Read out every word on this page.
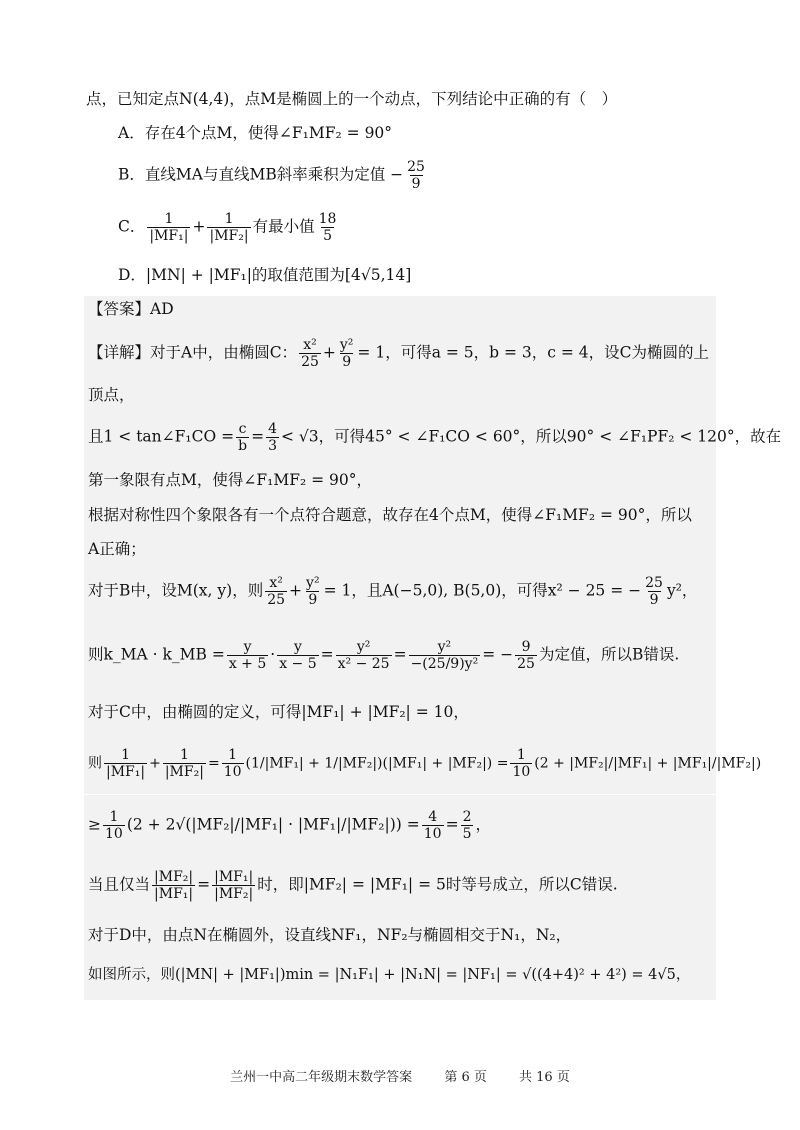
点，已知定点N(4,4)，点M是椭圆上的一个动点，下列结论中正确的有（　）
A．存在4个点M，使得∠F₁MF₂ = 90°
B．直线MA与直线MB斜率乘积为定值 − $\frac{25}{9}$
C． $\frac{1}{\text{|MF₁|}} + \frac{1}{\text{|MF₂|}}$ 有最小值 $\frac{18}{5}$
D．|MN| + |MF₁|的取值范围为[4√5,14]
【答案】AD
【详解】对于A中，由椭圆C： $\frac{\text{x²}}{25} + \frac{\text{y²}}{9} = 1$，可得a = 5，b = 3，c = 4，设C为椭圆的上
顶点，
且1 < tan∠F₁CO = $\frac{c}{b} = \frac{4}{3} < √3$，可得45° < ∠F₁CO < 60°，所以90° < ∠F₁PF₂ < 120°，故在
第一象限有点M，使得∠F₁MF₂ = 90°，
根据对称性四个象限各有一个点符合题意，故存在4个点M，使得∠F₁MF₂ = 90°，所以
A正确；
对于B中，设M(x, y)，则 $\frac{\text{x²}}{25} + \frac{\text{y²}}{9} = 1$，且A(−5,0), B(5,0)，可得x² − 25 = − $\frac{25}{9} y^2$，
则k_MA · k_MB = $\frac{y}{x + 5} \cdot \frac{y}{x - 5} = \frac{\text{y²}}{\text{x² − 25}} = \frac{\text{y²}}{\text{−(25/9)y²}}$ = − $\frac{9}{25}$ 为定值，所以B错误.
对于C中，由椭圆的定义，可得|MF₁| + |MF₂| = 10，
则 $\frac{1}{\text{|MF₁|}} + \frac{1}{\text{|MF₂|}} = \frac{1}{10} (1/|MF_1| + 1/|MF_2|)(|MF_1| + |MF_2|) = \frac{1}{10} (2 + |MF_2|/|MF_1| + |MF_1|/|MF_2|)$
≥ $\frac{1}{10} (2 + 2√(|MF_2|/|MF_1| \cdot |MF_1|/|MF_2|)) = \frac{4}{10} = \frac{2}{5}$ ，
当且仅当 $\frac{\text{|MF₂|}}{\text{|MF₁|}} = \frac{\text{|MF₁|}}{\text{|MF₂|}}$ 时，即|MF₂| = |MF₁| = 5时等号成立，所以C错误.
对于D中，由点N在椭圆外，设直线NF₁，NF₂与椭圆相交于N₁，N₂，
如图所示，则(|MN| + |MF₁|)min = |N₁F₁| + |N₁N| = |NF₁| = √((4+4)² + 4²) = 4√5，
兰州一中高二年级期末数学答案 第 6 页 共 16 页
